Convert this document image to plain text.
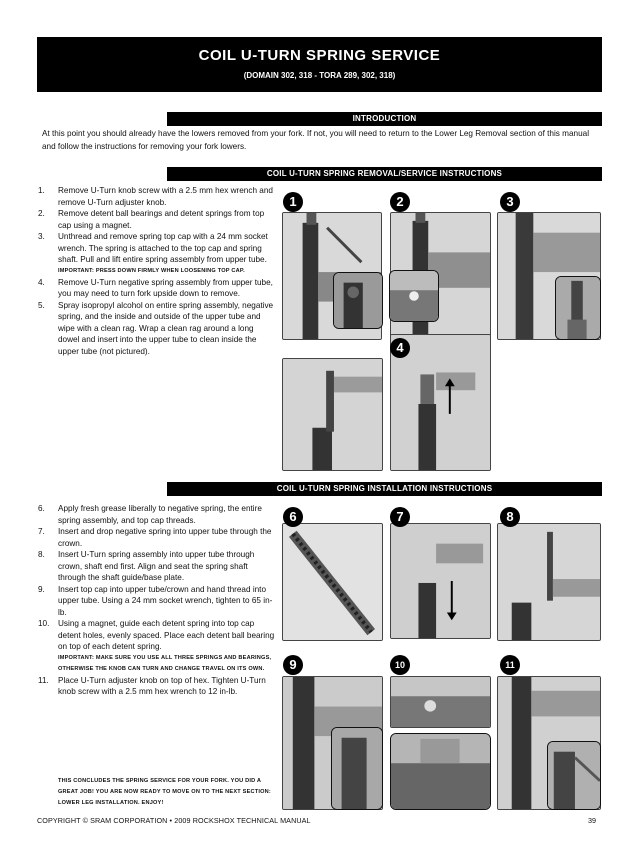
COIL U-TURN SPRING SERVICE
(DOMAIN 302, 318 - TORA 289, 302, 318)
INTRODUCTION
At this point you should already have the lowers removed from your fork. If not, you will need to return to the Lower Leg Removal section of this manual and follow the instructions for removing your fork lowers.
COIL U-TURN SPRING REMOVAL/SERVICE INSTRUCTIONS
1.	Remove U-Turn knob screw with a 2.5 mm hex wrench and remove U-Turn adjuster knob.
2.	Remove detent ball bearings and detent springs from top cap using a magnet.
3.	Unthread and remove spring top cap with a 24 mm socket wrench. The spring is attached to the top cap and spring shaft. Pull and lift entire spring assembly from upper tube.
IMPORTANT: PRESS DOWN FIRMLY WHEN LOOSENING TOP CAP.
4.	Remove U-Turn negative spring assembly from upper tube, you may need to turn fork upside down to remove.
5.	Spray isopropyl alcohol on entire spring assembly, negative spring, and the inside and outside of the upper tube and wipe with a clean rag. Wrap a clean rag around a long dowel and insert into the upper tube to clean inside the upper tube (not pictured).
COIL U-TURN SPRING INSTALLATION INSTRUCTIONS
6.	Apply fresh grease liberally to negative spring, the entire spring assembly, and top cap threads.
7.	Insert and drop negative spring into upper tube through the crown.
8.	Insert U-Turn spring assembly into upper tube through crown, shaft end first. Align and seat the spring shaft through the shaft guide/base plate.
9.	Insert top cap into upper tube/crown and hand thread into upper tube. Using a 24 mm socket wrench, tighten to 65 in-lb.
10.	Using a magnet, guide each detent spring into top cap detent holes, evenly spaced. Place each detent ball bearing on top of each detent spring.
IMPORTANT: MAKE SURE YOU USE ALL THREE SPRINGS AND BEARINGS, OTHERWISE THE KNOB CAN TURN AND CHANGE TRAVEL ON ITS OWN.
11.	Place U-Turn adjuster knob on top of hex. Tighten U-Turn knob screw with a 2.5 mm hex wrench to 12 in-lb.
THIS CONCLUDES THE SPRING SERVICE FOR YOUR FORK. YOU DID A GREAT JOB! YOU ARE NOW READY TO MOVE ON TO THE NEXT SECTION: LOWER LEG INSTALLATION. ENJOY!
1	2	3
4
6	7	8
9	10	11
COPYRIGHT © SRAM CORPORATION • 2009 ROCKSHOX TECHNICAL MANUAL	39
